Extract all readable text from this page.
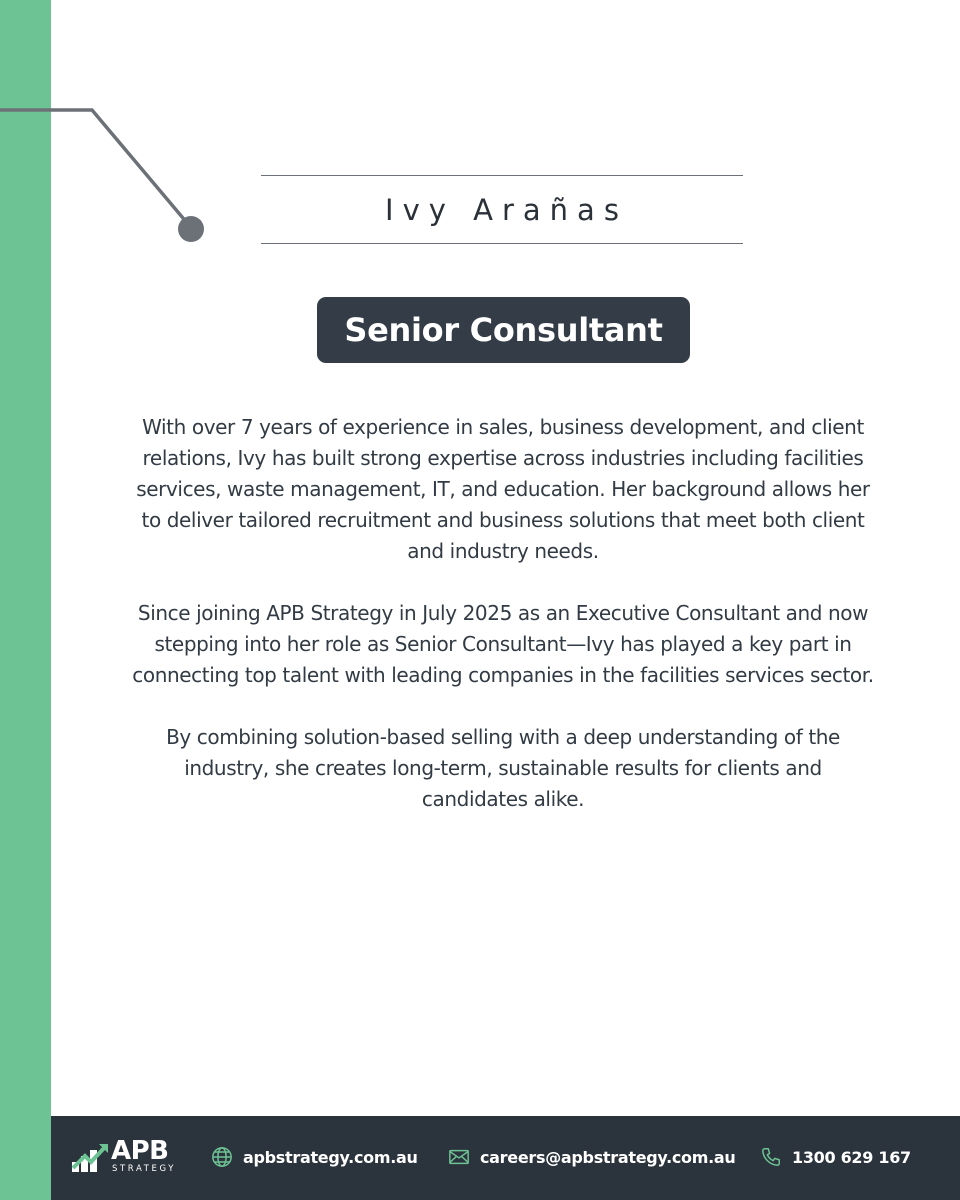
Ivy Arañas
Senior Consultant

With over 7 years of experience in sales, business development, and client relations, Ivy has built strong expertise across industries including facilities services, waste management, IT, and education. Her background allows her to deliver tailored recruitment and business solutions that meet both client and industry needs.

Since joining APB Strategy in July 2025 as an Executive Consultant and now stepping into her role as Senior Consultant—Ivy has played a key part in connecting top talent with leading companies in the facilities services sector.

By combining solution-based selling with a deep understanding of the industry, she creates long-term, sustainable results for clients and candidates alike.

APB
STRATEGY
apbstrategy.com.au	careers@apbstrategy.com.au	1300 629 167
